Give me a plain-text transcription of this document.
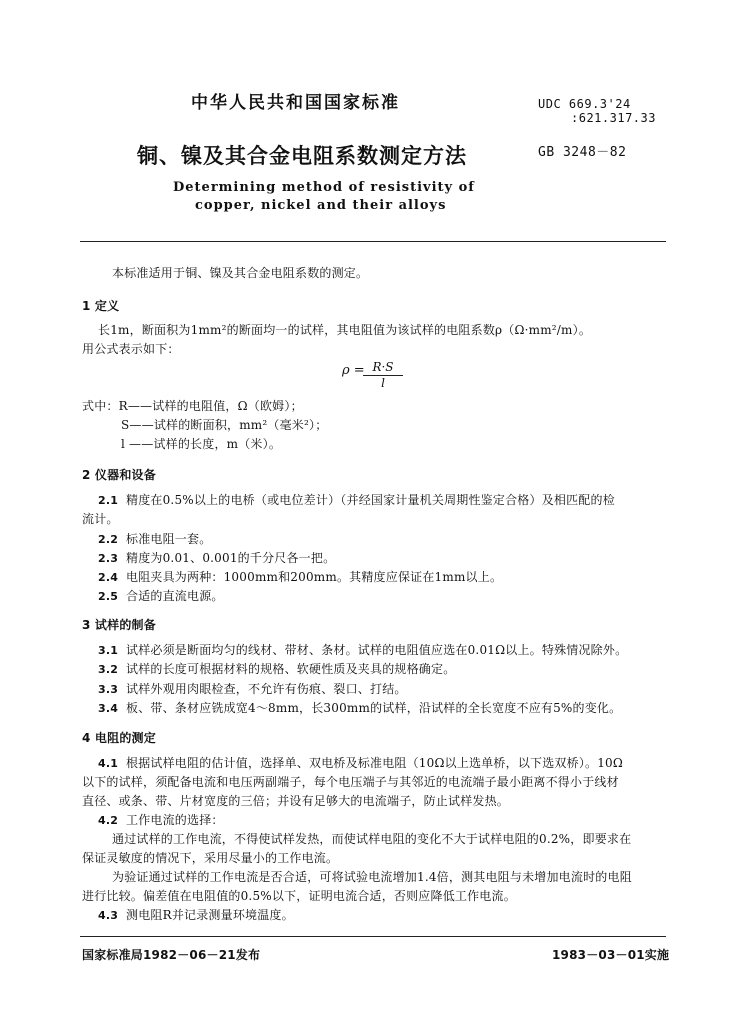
中华人民共和国国家标准	UDC 669.3'24
:621.317.33
铜、镍及其合金电阻系数测定方法	GB 3248－82
Determining method of resistivity of
copper, nickel and their alloys
本标准适用于铜、镍及其合金电阻系数的测定。
1 定义
长1m，断面积为1mm²的断面均一的试样，其电阻值为该试样的电阻系数ρ（Ω·mm²/m）。
用公式表示如下：
ρ =
$\frac{R\cdot S}{l}$
式中：R——试样的电阻值，Ω（欧姆）；
S——试样的断面积，mm²（毫米²）；
l ——试样的长度，m（米）。
2 仪器和设备
2.1 精度在0.5%以上的电桥（或电位差计）（并经国家计量机关周期性鉴定合格）及相匹配的检
流计。
2.2 标准电阻一套。
2.3 精度为0.01、0.001的千分尺各一把。
2.4 电阻夹具为两种：1000mm和200mm。其精度应保证在1mm以上。
2.5 合适的直流电源。
3 试样的制备
3.1 试样必须是断面均匀的线材、带材、条材。试样的电阻值应选在0.01Ω以上。特殊情况除外。
3.2 试样的长度可根据材料的规格、软硬性质及夹具的规格确定。
3.3 试样外观用肉眼检查，不允许有伤痕、裂口、打结。
3.4 板、带、条材应铣成宽4～8mm，长300mm的试样，沿试样的全长宽度不应有5%的变化。
4 电阻的测定
4.1 根据试样电阻的估计值，选择单、双电桥及标准电阻（10Ω以上选单桥，以下选双桥）。10Ω
以下的试样，须配备电流和电压两副端子，每个电压端子与其邻近的电流端子最小距离不得小于线材
直径、或条、带、片材宽度的三倍；并设有足够大的电流端子，防止试样发热。
4.2 工作电流的选择：
通过试样的工作电流，不得使试样发热，而使试样电阻的变化不大于试样电阻的0.2%，即要求在
保证灵敏度的情况下，采用尽量小的工作电流。
为验证通过试样的工作电流是否合适，可将试验电流增加1.4倍，测其电阻与未增加电流时的电阻
进行比较。偏差值在电阻值的0.5%以下，证明电流合适，否则应降低工作电流。
4.3 测电阻R并记录测量环境温度。
国家标准局1982－06－21发布	1983－03－01实施
